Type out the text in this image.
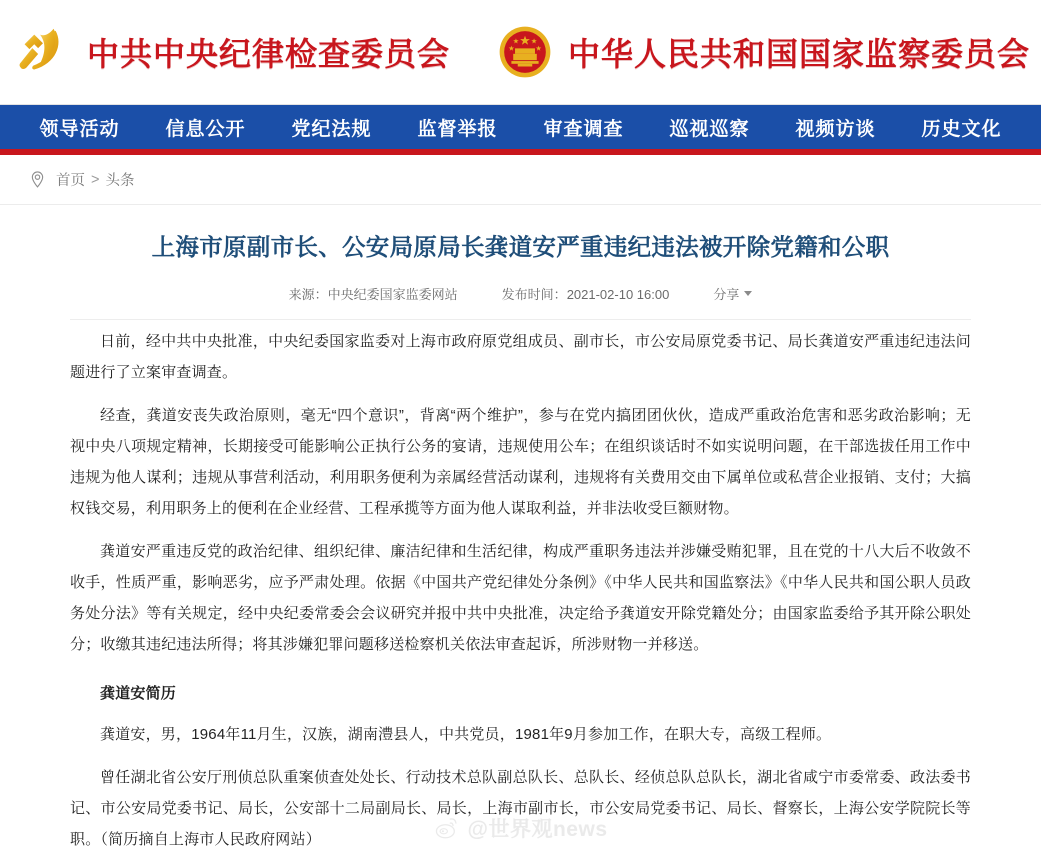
中共中央纪律检查委员会	中华人民共和国国家监察委员会
领导活动 信息公开 党纪法规 监督举报 审查调查 巡视巡察 视频访谈 历史文化
首页 > 头条
上海市原副市长、公安局原局长龚道安严重违纪违法被开除党籍和公职
来源：中央纪委国家监委网站	发布时间：2021-02-10 16:00	分享

日前，经中共中央批准，中央纪委国家监委对上海市政府原党组成员、副市长，市公安局原党委书记、局长龚道安严重违纪违法问题进行了立案审查调查。

经查，龚道安丧失政治原则，毫无“四个意识”，背离“两个维护”，参与在党内搞团团伙伙，造成严重政治危害和恶劣政治影响；无视中央八项规定精神，长期接受可能影响公正执行公务的宴请，违规使用公车；在组织谈话时不如实说明问题，在干部选拔任用工作中违规为他人谋利；违规从事营利活动，利用职务便利为亲属经营活动谋利，违规将有关费用交由下属单位或私营企业报销、支付；大搞权钱交易，利用职务上的便利在企业经营、工程承揽等方面为他人谋取利益，并非法收受巨额财物。

龚道安严重违反党的政治纪律、组织纪律、廉洁纪律和生活纪律，构成严重职务违法并涉嫌受贿犯罪，且在党的十八大后不收敛不收手，性质严重，影响恶劣，应予严肃处理。依据《中国共产党纪律处分条例》《中华人民共和国监察法》《中华人民共和国公职人员政务处分法》等有关规定，经中央纪委常委会会议研究并报中共中央批准，决定给予龚道安开除党籍处分；由国家监委给予其开除公职处分；收缴其违纪违法所得；将其涉嫌犯罪问题移送检察机关依法审查起诉，所涉财物一并移送。

龚道安简历

龚道安，男，1964年11月生，汉族，湖南澧县人，中共党员，1981年9月参加工作，在职大专，高级工程师。

曾任湖北省公安厅刑侦总队重案侦查处处长、行动技术总队副总队长、总队长、经侦总队总队长，湖北省咸宁市委常委、政法委书记、市公安局党委书记、局长，公安部十二局副局长、局长，上海市副市长，市公安局党委书记、局长、督察长，上海公安学院院长等职。（简历摘自上海市人民政府网站）	@世界观news
